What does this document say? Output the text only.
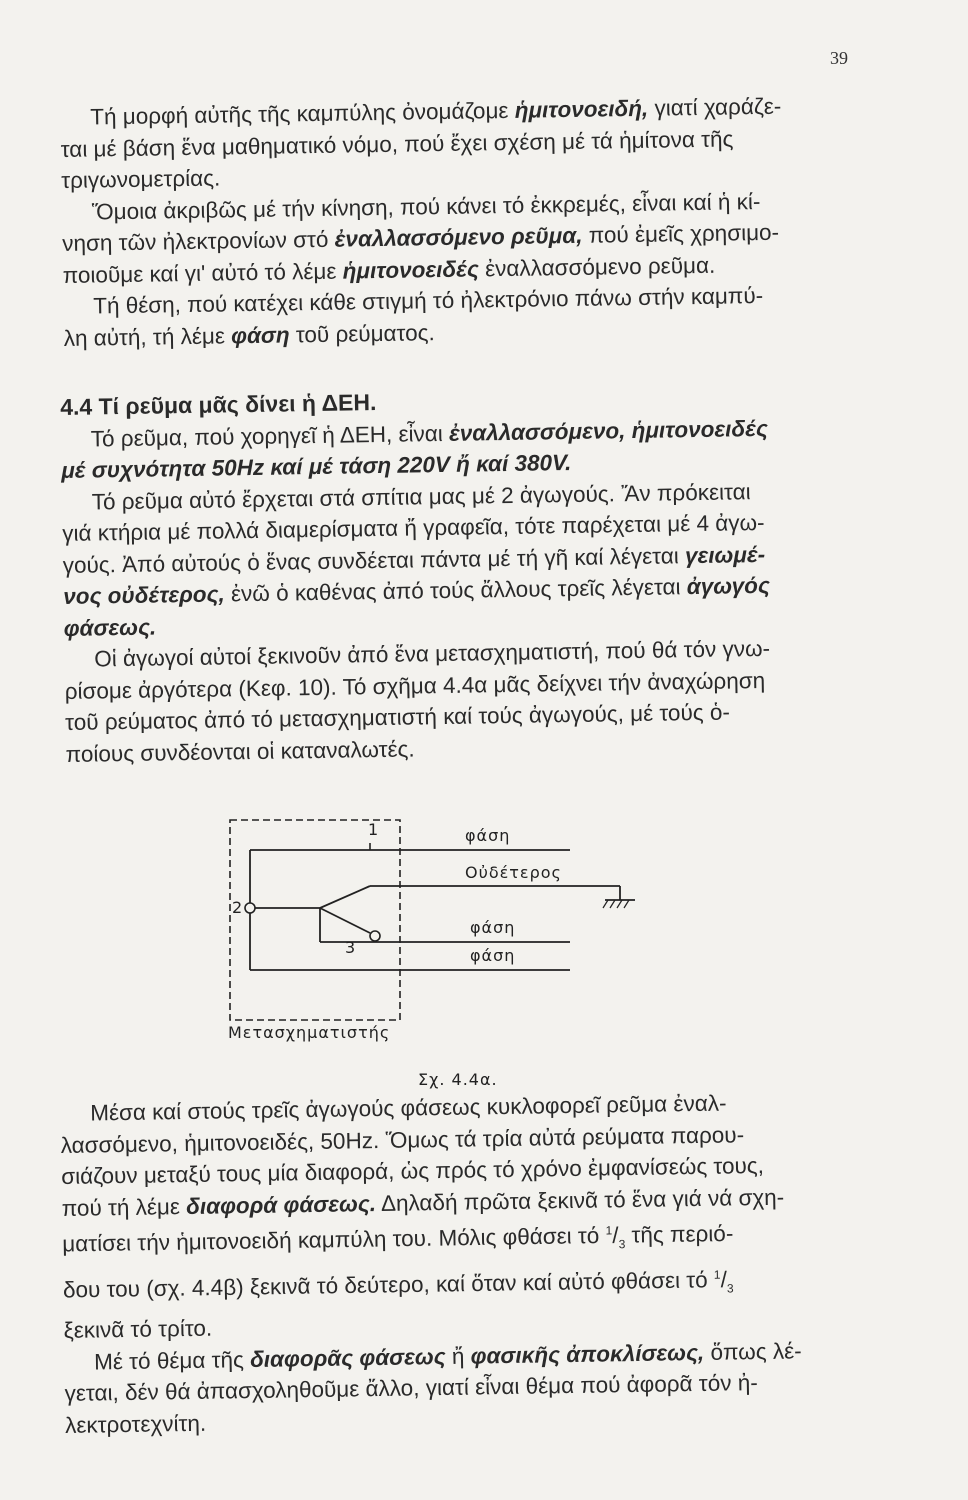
39
Τή μορφή αὐτῆς τῆς καμπύλης ὀνομάζομε ἡμιτονοειδή, γιατί χαράζε-
ται μέ βάση ἕνα μαθηματικό νόμο, πού ἔχει σχέση μέ τά ἡμίτονα τῆς
τριγωνομετρίας.
Ὅμοια ἀκριβῶς μέ τήν κίνηση, πού κάνει τό ἐκκρεμές, εἶναι καί ἡ κί-
νηση τῶν ἠλεκτρονίων στό ἐναλλασσόμενο ρεῦμα, πού ἐμεῖς χρησιμο-
ποιοῦμε καί γι' αὐτό τό λέμε ἡμιτονοειδές ἐναλλασσόμενο ρεῦμα.
Τή θέση, πού κατέχει κάθε στιγμή τό ἠλεκτρόνιο πάνω στήν καμπύ-
λη αὐτή, τή λέμε φάση τοῦ ρεύματος.
4.4 Τί ρεῦμα μᾶς δίνει ἡ ΔΕΗ.
Τό ρεῦμα, πού χορηγεῖ ἡ ΔΕΗ, εἶναι ἐναλλασσόμενο, ἡμιτονοειδές
μέ συχνότητα 50Hz καί μέ τάση 220V ἤ καί 380V.
Τό ρεῦμα αὐτό ἔρχεται στά σπίτια μας μέ 2 ἀγωγούς. Ἄν πρόκειται
γιά κτήρια μέ πολλά διαμερίσματα ἤ γραφεῖα, τότε παρέχεται μέ 4 ἀγω-
γούς. Ἀπό αὐτούς ὁ ἕνας συνδέεται πάντα μέ τή γῆ καί λέγεται γειωμέ-
νος οὐδέτερος, ἐνῶ ὁ καθένας ἀπό τούς ἄλλους τρεῖς λέγεται ἀγωγός
φάσεως.
Οἱ ἀγωγοί αὐτοί ξεκινοῦν ἀπό ἕνα μετασχηματιστή, πού θά τόν γνω-
ρίσομε ἀργότερα (Κεφ. 10). Τό σχῆμα 4.4α μᾶς δείχνει τήν ἀναχώρηση
τοῦ ρεύματος ἀπό τό μετασχηματιστή καί τούς ἀγωγούς, μέ τούς ὁ-
ποίους συνδέονται οἱ καταναλωτές.
1
2
3
φάση
Οὐδέτερος
φάση
φάση
Μετασχηματιστής
Σχ. 4.4α.
Μέσα καί στούς τρεῖς ἀγωγούς φάσεως κυκλοφορεῖ ρεῦμα ἐναλ-
λασσόμενο, ἡμιτονοειδές, 50Hz. Ὅμως τά τρία αὐτά ρεύματα παρου-
σιάζουν μεταξύ τους μία διαφορά, ὡς πρός τό χρόνο ἐμφανίσεώς τους,
πού τή λέμε διαφορά φάσεως. Δηλαδή πρῶτα ξεκινᾶ τό ἕνα γιά νά σχη-
ματίσει τήν ἡμιτονοειδή καμπύλη του. Μόλις φθάσει τό $^1/_3$ τῆς περιό-
δου του (σχ. 4.4β) ξεκινᾶ τό δεύτερο, καί ὅταν καί αὐτό φθάσει τό $^1/_3$
ξεκινᾶ τό τρίτο.
Μέ τό θέμα τῆς διαφορᾶς φάσεως ἤ φασικῆς ἀποκλίσεως, ὅπως λέ-
γεται, δέν θά ἀπασχοληθοῦμε ἄλλο, γιατί εἶναι θέμα πού ἀφορᾶ τόν ἠ-
λεκτροτεχνίτη.
